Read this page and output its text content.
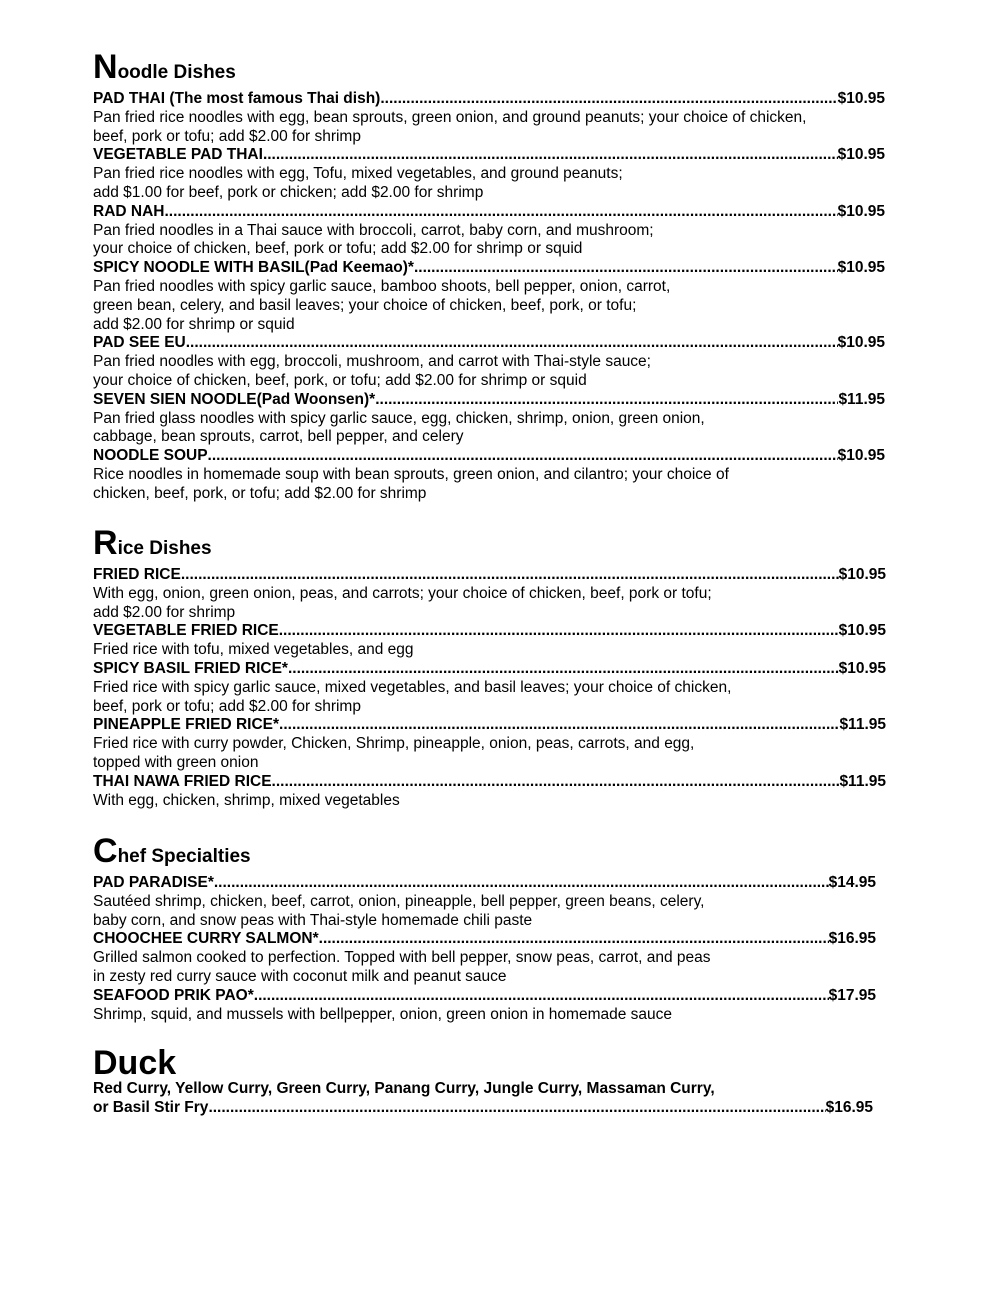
Noodle Dishes
PAD THAI (The most famous Thai dish) .....	$10.95
Pan fried rice noodles with egg, bean sprouts, green onion, and ground peanuts; your choice of chicken,
beef, pork or tofu; add $2.00 for shrimp
VEGETABLE PAD THAI .....	$10.95
Pan fried rice noodles with egg, Tofu, mixed vegetables, and ground peanuts;
add $1.00 for beef, pork or chicken; add $2.00 for shrimp
RAD NAH .....	$10.95
Pan fried noodles in a Thai sauce with broccoli, carrot, baby corn, and mushroom;
your choice of chicken, beef, pork or tofu; add $2.00 for shrimp or squid
SPICY NOODLE WITH BASIL(Pad Keemao)* .....	$10.95
Pan fried noodles with spicy garlic sauce, bamboo shoots, bell pepper, onion, carrot,
green bean, celery, and basil leaves; your choice of chicken, beef, pork, or tofu;
add $2.00 for shrimp or squid
PAD SEE EU .....	$10.95
Pan fried noodles with egg, broccoli, mushroom, and carrot with Thai-style sauce;
your choice of chicken, beef, pork, or tofu; add $2.00 for shrimp or squid
SEVEN SIEN NOODLE(Pad Woonsen)* .....	$11.95
Pan fried glass noodles with spicy garlic sauce, egg, chicken, shrimp, onion, green onion,
cabbage, bean sprouts, carrot, bell pepper, and celery
NOODLE SOUP .....	$10.95
Rice noodles in homemade soup with bean sprouts, green onion, and cilantro; your choice of
chicken, beef, pork, or tofu; add $2.00 for shrimp
Rice Dishes
FRIED RICE .....	$10.95
With egg, onion, green onion, peas, and carrots; your choice of chicken, beef, pork or tofu;
add $2.00 for shrimp
VEGETABLE FRIED RICE .....	$10.95
Fried rice with tofu, mixed vegetables, and egg
SPICY BASIL FRIED RICE* .....	$10.95
Fried rice with spicy garlic sauce, mixed vegetables, and basil leaves; your choice of chicken,
beef, pork or tofu; add $2.00 for shrimp
PINEAPPLE FRIED RICE* .....	$11.95
Fried rice with curry powder, Chicken, Shrimp, pineapple, onion, peas, carrots, and egg,
topped with green onion
THAI NAWA FRIED RICE .....	$11.95
With egg, chicken, shrimp, mixed vegetables
Chef Specialties
PAD PARADISE* .....	$14.95
Sautéed shrimp, chicken, beef, carrot, onion, pineapple, bell pepper, green beans, celery,
baby corn, and snow peas with Thai-style homemade chili paste
CHOOCHEE CURRY SALMON* .....	$16.95
Grilled salmon cooked to perfection. Topped with bell pepper, snow peas, carrot, and peas
in zesty red curry sauce with coconut milk and peanut sauce
SEAFOOD PRIK PAO* .....	$17.95
Shrimp, squid, and mussels with bellpepper, onion, green onion in homemade sauce
Duck
Red Curry, Yellow Curry, Green Curry, Panang Curry, Jungle Curry, Massaman Curry,
or Basil Stir Fry .....	$16.95
